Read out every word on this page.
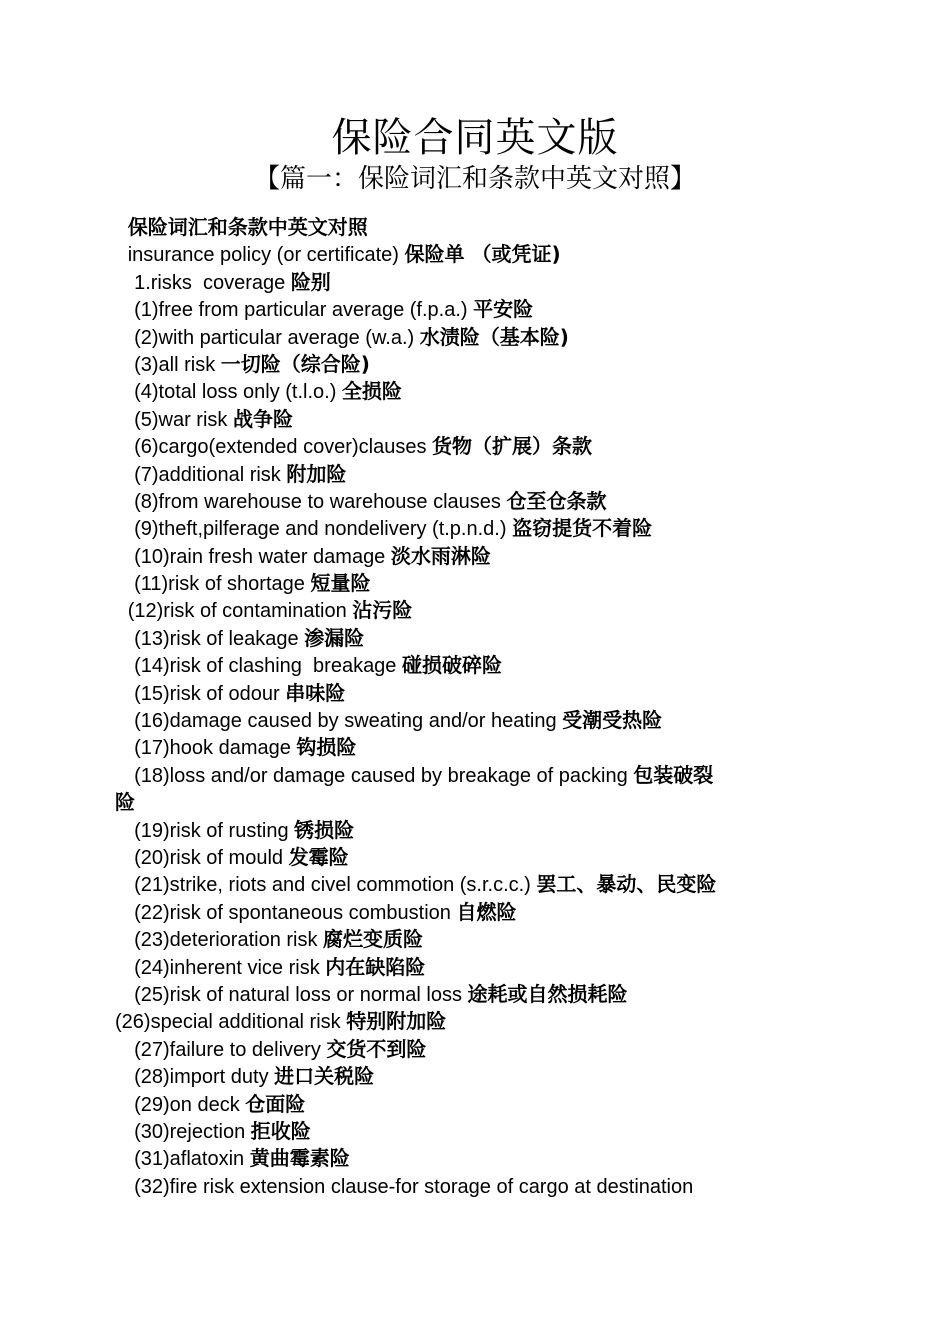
保险合同英文版
【篇一：保险词汇和条款中英文对照】
保险词汇和条款中英文对照
insurance policy (or certificate) 保险单 （或凭证)
1.risks  coverage 险别
(1)free from particular average (f.p.a.) 平安险
(2)with particular average (w.a.) 水渍险（基本险)
(3)all risk 一切险（综合险)
(4)total loss only (t.l.o.) 全损险
(5)war risk 战争险
(6)cargo(extended cover)clauses 货物（扩展）条款
(7)additional risk 附加险
(8)from warehouse to warehouse clauses 仓至仓条款
(9)theft,pilferage and nondelivery (t.p.n.d.) 盗窃提货不着险
(10)rain fresh water damage 淡水雨淋险
(11)risk of shortage 短量险
(12)risk of contamination 沾污险
(13)risk of leakage 渗漏险
(14)risk of clashing  breakage 碰损破碎险
(15)risk of odour 串味险
(16)damage caused by sweating and/or heating 受潮受热险
(17)hook damage 钩损险
(18)loss and/or damage caused by breakage of packing 包装破裂
险
(19)risk of rusting 锈损险
(20)risk of mould 发霉险
(21)strike, riots and civel commotion (s.r.c.c.) 罢工、暴动、民变险
(22)risk of spontaneous combustion 自燃险
(23)deterioration risk 腐烂变质险
(24)inherent vice risk 内在缺陷险
(25)risk of natural loss or normal loss 途耗或自然损耗险
(26)special additional risk 特别附加险
(27)failure to delivery 交货不到险
(28)import duty 进口关税险
(29)on deck 仓面险
(30)rejection 拒收险
(31)aflatoxin 黄曲霉素险
(32)fire risk extension clause-for storage of cargo at destination
